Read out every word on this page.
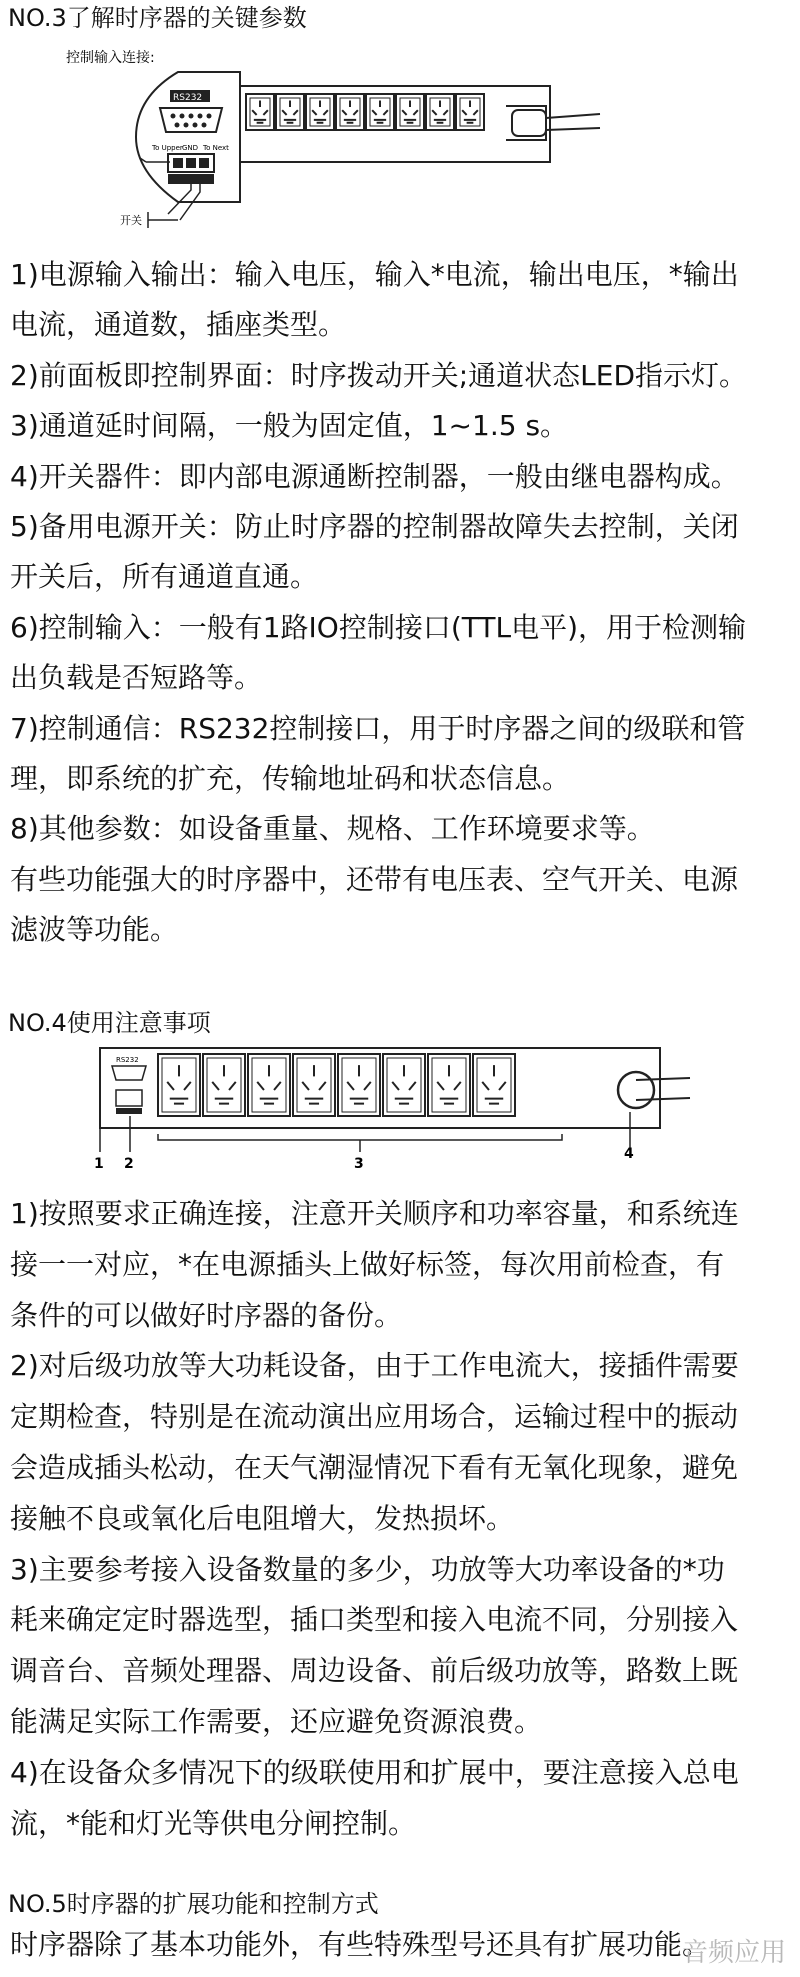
NO.3了解时序器的关键参数
控制输入连接:
RS232
To Upper GND To Next
开关
1)电源输入输出：输入电压，输入*电流，输出电压，*输出
电流，通道数，插座类型。
2)前面板即控制界面：时序拨动开关;通道状态LED指示灯。
3)通道延时间隔，一般为固定值，1~1.5 s。
4)开关器件：即内部电源通断控制器，一般由继电器构成。
5)备用电源开关：防止时序器的控制器故障失去控制，关闭
开关后，所有通道直通。
6)控制输入：一般有1路IO控制接口(TTL电平)，用于检测输
出负载是否短路等。
7)控制通信：RS232控制接口，用于时序器之间的级联和管
理，即系统的扩充，传输地址码和状态信息。
8)其他参数：如设备重量、规格、工作环境要求等。
有些功能强大的时序器中，还带有电压表、空气开关、电源
滤波等功能。
NO.4使用注意事项
RS232
1 2	3
4
1)按照要求正确连接，注意开关顺序和功率容量，和系统连
接一一对应，*在电源插头上做好标签，每次用前检查，有
条件的可以做好时序器的备份。
2)对后级功放等大功耗设备，由于工作电流大，接插件需要
定期检查，特别是在流动演出应用场合，运输过程中的振动
会造成插头松动，在天气潮湿情况下看有无氧化现象，避免
接触不良或氧化后电阻增大，发热损坏。
3)主要参考接入设备数量的多少，功放等大功率设备的*功
耗来确定定时器选型，插口类型和接入电流不同，分别接入
调音台、音频处理器、周边设备、前后级功放等，路数上既
能满足实际工作需要，还应避免资源浪费。
4)在设备众多情况下的级联使用和扩展中，要注意接入总电
流，*能和灯光等供电分闸控制。
NO.5时序器的扩展功能和控制方式
时序器除了基本功能外，有些特殊型号还具有扩展功能。
音频应用
